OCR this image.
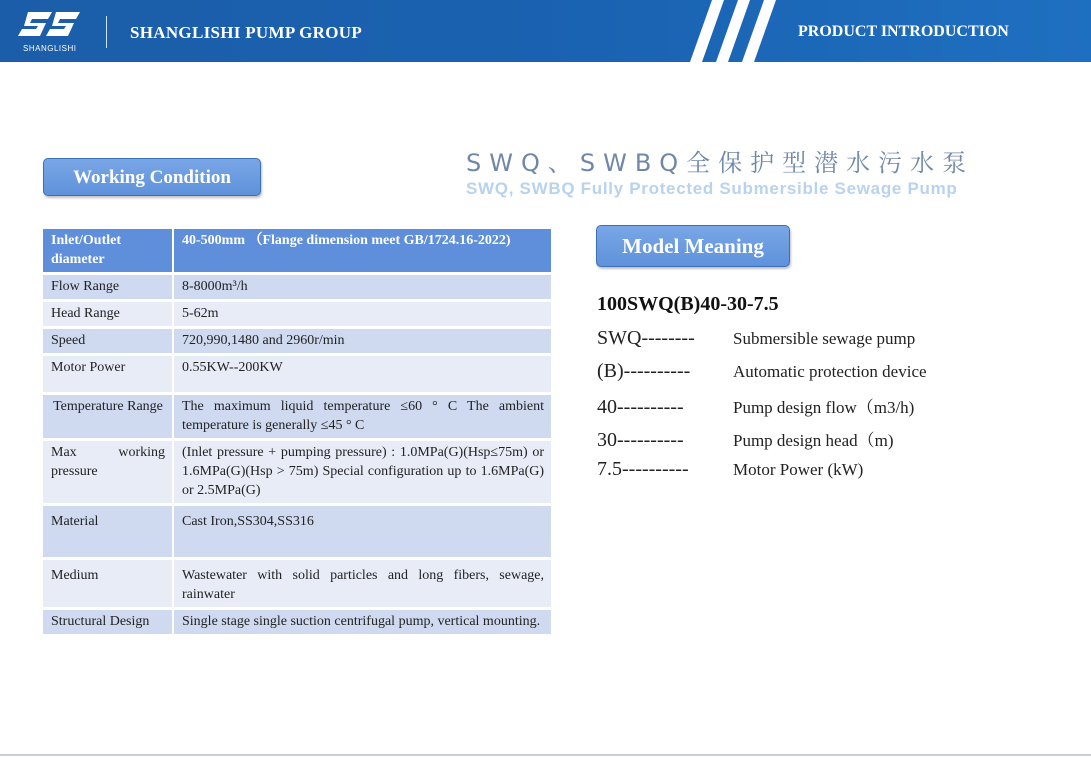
SHANGLISHI
SHANGLISHI PUMP GROUP	PRODUCT INTRODUCTION
Working Condition
SWQ、SWBQ全保护型潜水污水泵
SWQ, SWBQ Fully Protected Submersible Sewage Pump
Inlet/Outlet diameter	40-500mm （Flange dimension meet GB/1724.16-2022)
Flow Range	8-8000m³/h
Head Range	5-62m
Speed	720,990,1480 and 2960r/min
Motor Power	0.55KW--200KW
Temperature Range	The maximum liquid temperature ≤60 ° C The ambient temperature is generally ≤45 ° C
Max working pressure	(Inlet pressure + pumping pressure) : 1.0MPa(G)(Hsp≤75m) or 1.6MPa(G)(Hsp > 75m) Special configuration up to 1.6MPa(G) or 2.5MPa(G)
Material	Cast Iron,SS304,SS316
Medium	Wastewater with solid particles and long fibers, sewage, rainwater
Structural Design	Single stage single suction centrifugal pump, vertical mounting.
Model Meaning
100SWQ(B)40-30-7.5
SWQ-------- Submersible sewage pump
(B)----------	Automatic protection device
40----------	Pump design flow（m3/h)
30----------	Pump design head（m)
7.5----------	Motor Power (kW)
